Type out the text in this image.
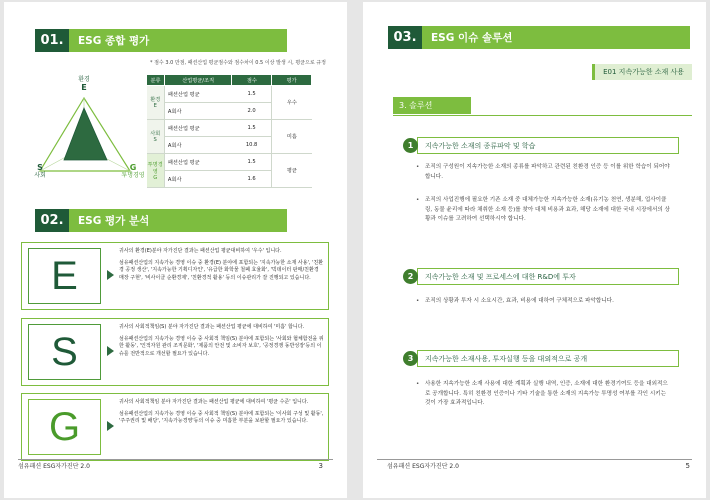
01.	ESG 종합 평가
* 점수 3.0 만점, 패션산업 평균점수와 점수차이 0.5 이상 발생 시, 평균으로 규정
환경
E
S
사회
G
투명경영
분류	산업평균/조직	점수	평가
환경
E	패션산업 평균	1.5	우수
	A회사	2.0	
사회
S	패션산업 평균	1.5	미흡
	A회사	10.8	
투명경영
G	패션산업 평균	1.5	평균
	A회사	1.6	
02.	ESG 평가 분석
E

귀사의 환경(E)분야 자가진단 결과는 패션산업 평균대비하여 '우수' 입니다.

섬유패션산업의 지속가능 경영 이슈 중 환경(E) 분야에 포함되는 '지속가능한 소재 사용', '친환경 공정 생산', '지속가능한 기획디자인', '유급한 화학물 철폐 효율화', '빅데이터 판매/친환경 매장 구현', '비사이클 순환경제', '친환경적 활용' 등의 이슈관리가 잘 진행되고 있습니다.

S

귀사의 사회적책임(S) 분야 자가진단 결과는 패션산업 평균에 대비하여 '미흡' 합니다.

섬유패션산업의 지속가능 경영 이슈 중 사회적 책임(S) 분야에 포함되는 '사회와 협체함전을 위한 활동', '인적자원 관리 조직문화', '제품의 안전 및 소비자 보호', '공정경쟁 동반성장'등의 이슈를 전반적으로 개선할 필요가 있습니다.

G

귀사의 사회적책임 분야 자가진단 결과는 패션산업 평균에 대비하여 '평균 수준' 입니다.

섬유패션산업의 지속가능 경영 이슈 중 사회적 책임(S) 분야에 포함되는 '이사회 구성 및 활동', '주주권리 및 배당', '지속가능경영'등의 이슈 중 미흡한 부분을 보완할 필요가 있습니다.

섬유패션 ESG자가진단 2.0	3
03.	ESG 이슈 솔루션
E01 지속가능한 소재 사용
3. 솔루션
지속가능한 소재의 종류파악 및 학습
1
• 조직의 구성원이 지속가능한 소재의 종류를 파악하고 관련된 친환경 인증 등 이를 위한 학습이 되어야 합니다.
• 조직의 사업진행에 필요한 기존 소재 중 대체가능한 지속가능한 소재(유기농 천연, 생분해, 업사이클링, 동물 윤리에 따라 채취한 소재 등)를 찾아 대체 비용과 효과, 해당 소재에 대한 국내 시장에서의 상황과 이슈를 고려하여 선택하시야 합니다.
지속가능한 소재 및 프로세스에 대한 R&D에 투자
2
• 조직의 상황과 투자 시 소요시간, 효과, 비용에 대하여 구체적으로 파악합니다.
지속가능한 소재사용, 투자실행 등을 대외적으로 공개
3
• 사용한 지속가능한 소재 사용에 대한 계획과 실행 내역, 인증, 소재에 대한 환경기여도 등을 대외적으로 공개합니다. 특히 친환경 인증이나 기타 기술을 통한 소재의 지속가능 투명성 여부를 각인 시키는 것이 가장 효과적입니다.
섬유패션 ESG자가진단 2.0	5
